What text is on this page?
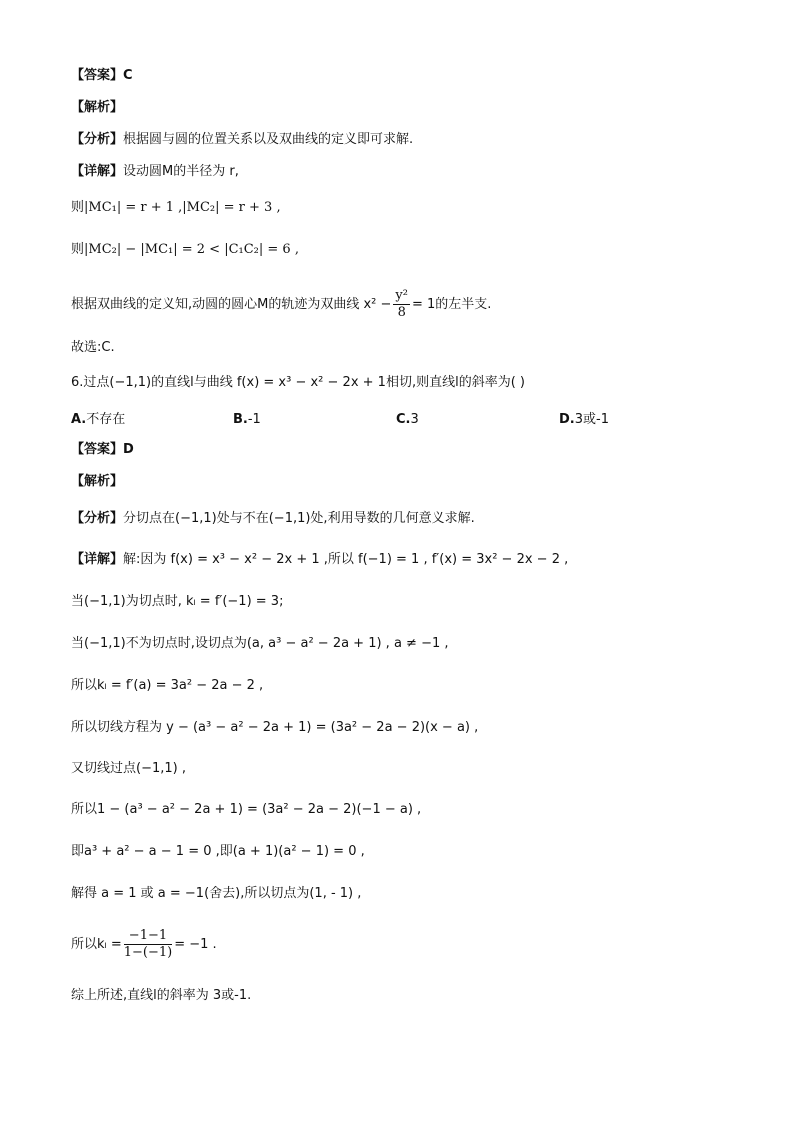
【答案】C
【解析】
【分析】根据圆与圆的位置关系以及双曲线的定义即可求解.
【详解】设动圆M的半径为 r,
则|MC₁| = r + 1 ,|MC₂| = r + 3 ,
则|MC₂| − |MC₁| = 2 < |C₁C₂| = 6 ,
根据双曲线的定义知,动圆的圆心M的轨迹为双曲线 $x^2 - \frac{\text{y²}}{8} = 1$的左半支.
故选:C.
6.过点(−1,1)的直线l与曲线 f(x) = x³ − x² − 2x + 1相切,则直线l的斜率为( )
A.不存在	B.-1	C.3	D.3或-1
【答案】D
【解析】
【分析】分切点在(−1,1)处与不在(−1,1)处,利用导数的几何意义求解.
【详解】解:因为 f(x) = x³ − x² − 2x + 1 ,所以 f(−1) = 1 , f′(x) = 3x² − 2x − 2 ,
当(−1,1)为切点时, kₗ = f′(−1) = 3;
当(−1,1)不为切点时,设切点为(a, a³ − a² − 2a + 1) , a ≠ −1 ,
所以kₗ = f′(a) = 3a² − 2a − 2 ,
所以切线方程为 y − (a³ − a² − 2a + 1) = (3a² − 2a − 2)(x − a) ,
又切线过点(−1,1) ,
所以1 − (a³ − a² − 2a + 1) = (3a² − 2a − 2)(−1 − a) ,
即a³ + a² − a − 1 = 0 ,即(a + 1)(a² − 1) = 0 ,
解得 a = 1 或 a = −1(舍去),所以切点为(1, - 1) ,
所以$k_l = \frac{-1-1}{1-(-1)} = -1$ .
综上所述,直线l的斜率为 3或-1.
